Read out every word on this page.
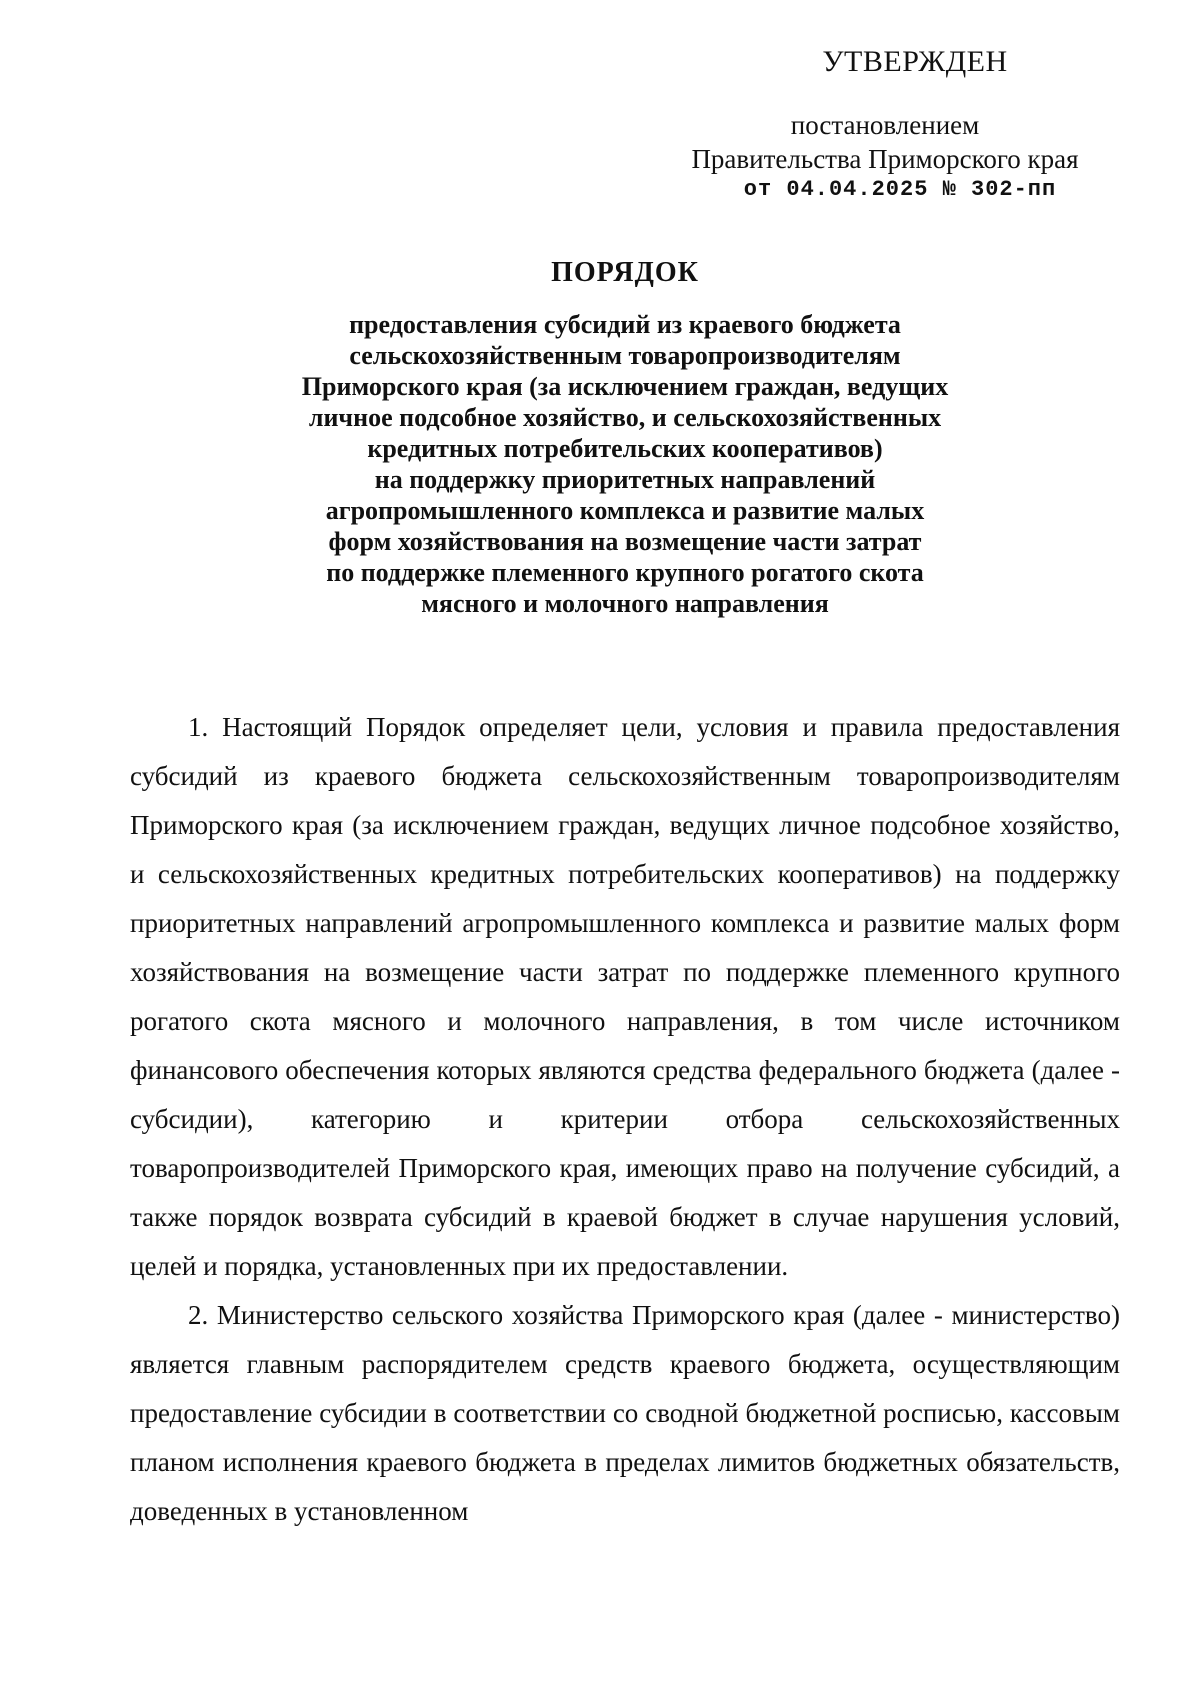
УТВЕРЖДЕН
постановлением
Правительства Приморского края
от 04.04.2025 № 302-пп
ПОРЯДОК
предоставления субсидий из краевого бюджета
сельскохозяйственным товаропроизводителям
Приморского края (за исключением граждан, ведущих
личное подсобное хозяйство, и сельскохозяйственных
кредитных потребительских кооперативов)
на поддержку приоритетных направлений
агропромышленного комплекса и развитие малых
форм хозяйствования на возмещение части затрат
по поддержке племенного крупного рогатого скота
мясного и молочного направления

1. Настоящий Порядок определяет цели, условия и правила предоставления субсидий из краевого бюджета сельскохозяйственным товаропроизводителям Приморского края (за исключением граждан, ведущих личное подсобное хозяйство, и сельскохозяйственных кредитных потребительских кооперативов) на поддержку приоритетных направлений агропромышленного комплекса и развитие малых форм хозяйствования на возмещение части затрат по поддержке племенного крупного рогатого скота мясного и молочного направления, в том числе источником финансового обеспечения которых являются средства федерального бюджета (далее - субсидии), категорию и критерии отбора сельскохозяйственных товаропроизводителей Приморского края, имеющих право на получение субсидий, а также порядок возврата субсидий в краевой бюджет в случае нарушения условий, целей и порядка, установленных при их предоставлении.

2. Министерство сельского хозяйства Приморского края (далее - министерство) является главным распорядителем средств краевого бюджета, осуществляющим предоставление субсидии в соответствии со сводной бюджетной росписью, кассовым планом исполнения краевого бюджета в пределах лимитов бюджетных обязательств, доведенных в установленном
